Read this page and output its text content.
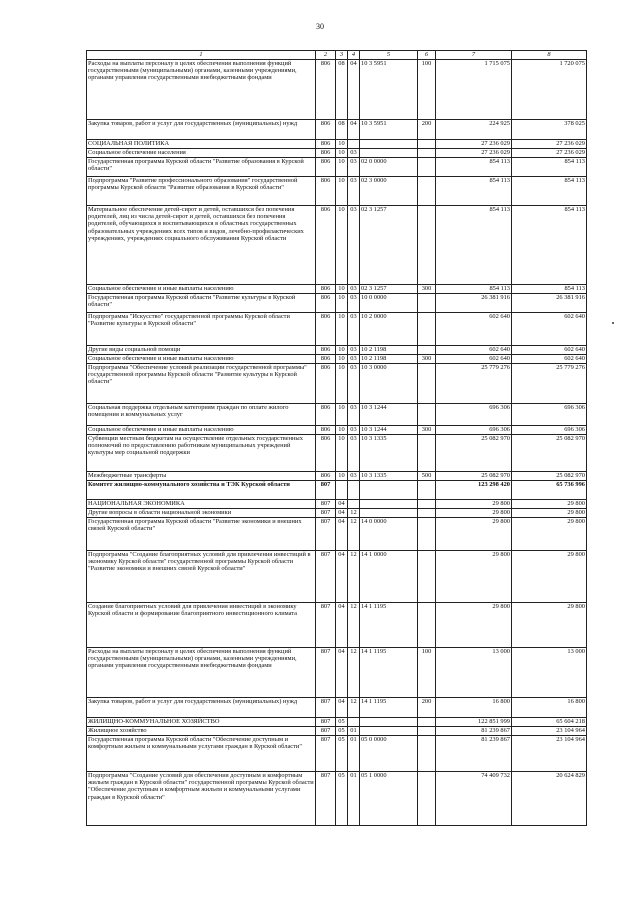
30
1	2	3	4	5	6	7	8
Расходы на выплаты персоналу в целях обеспечения выполнения функций государственными (муниципальными) органами, казенными учреждениями, органами управления государственными внебюджетными фондами	806	08	04	10 3 5951	100	1 715 075	1 720 075
Закупка товаров, работ и услуг для государственных (муниципальных) нужд	806	08	04	10 3 5951	200	224 925	378 025
СОЦИАЛЬНАЯ ПОЛИТИКА	806	10				27 236 029	27 236 029
Социальное обеспечение населения	806	10	03			27 236 029	27 236 029
Государственная программа Курской области "Развитие образования в Курской области"	806	10	03	02 0 0000		854 113	854 113
Подпрограмма "Развитие профессионального образования" государственной программы Курской области "Развитие образования в Курской области"	806	10	03	02 3 0000		854 113	854 113
Материальное обеспечение детей-сирот и детей, оставшихся без попечения родителей, лиц из числа детей-сирот и детей, оставшихся без попечения родителей, обучающихся в воспитывающихся в областных государственных образовательных учреждениях всех типов и видов, лечебно-профилактических учреждениях, учреждениях социального обслуживания Курской области	806	10	03	02 3 1257		854 113	854 113
Социальное обеспечение и иные выплаты населению	806	10	03	02 3 1257	300	854 113	854 113
Государственная программа Курской области "Развитие культуры в Курской области"	806	10	03	10 0 0000		26 381 916	26 381 916
Подпрограмма "Искусство" государственной программы Курской области "Развитие культуры в Курской области"	806	10	03	10 2 0000		602 640	602 640
Другие виды социальной помощи	806	10	03	10 2 1198		602 640	602 640
Социальное обеспечение и иные выплаты населению	806	10	03	10 2 1198	300	602 640	602 640
Подпрограмма "Обеспечение условий реализации государственной программы" государственной программы Курской области "Развитие культуры в Курской области"	806	10	03	10 3 0000		25 779 276	25 779 276
Социальная поддержка отдельным категориям граждан по оплате жилого помещения и коммунальных услуг	806	10	03	10 3 1244		696 306	696 306
Социальное обеспечение и иные выплаты населению	806	10	03	10 3 1244	300	696 306	696 306
Субвенции местным бюджетам на осуществление отдельных государственных полномочий по предоставлению работникам муниципальных учреждений культуры мер социальной поддержки	806	10	03	10 3 1335		25 082 970	25 082 970
Межбюджетные трансферты	806	10	03	10 3 1335	500	25 082 970	25 082 970
Комитет жилищно-коммунального хозяйства и ТЭК Курской области	807					123 298 420	65 736 996
НАЦИОНАЛЬНАЯ ЭКОНОМИКА	807	04				29 800	29 800
Другие вопросы в области национальной экономики	807	04	12			29 800	29 800
Государственная программа Курской области "Развитие экономики и внешних связей Курской области"	807	04	12	14 0 0000		29 800	29 800
Подпрограмма "Создание благоприятных условий для привлечения инвестиций в экономику Курской области" государственной программы Курской области "Развитие экономики и внешних связей Курской области"	807	04	12	14 1 0000		29 800	29 800
Создание благоприятных условий для привлечения инвестиций в экономику Курской области и формирование благоприятного инвестиционного климата	807	04	12	14 1 1195		29 800	29 800
Расходы на выплаты персоналу в целях обеспечения выполнения функций государственными (муниципальными) органами, казенными учреждениями, органами управления государственными внебюджетными фондами	807	04	12	14 1 1195	100	13 000	13 000
Закупка товаров, работ и услуг для государственных (муниципальных) нужд	807	04	12	14 1 1195	200	16 800	16 800
ЖИЛИЩНО-КОММУНАЛЬНОЕ ХОЗЯЙСТВО	807	05				122 851 999	65 604 218
Жилищное хозяйство	807	05	01			81 239 867	23 104 964
Государственная программа Курской области "Обеспечение доступным и комфортным жильем и коммунальными услугами граждан в Курской области"	807	05	01	05 0 0000		81 239 867	23 104 964
Подпрограмма "Создание условий для обеспечения доступным и комфортным жильем граждан в Курской области" государственной программы Курской области "Обеспечение доступным и комфортным жильем и коммунальными услугами граждан в Курской области"	807	05	01	05 1 0000		74 409 732	20 624 829
